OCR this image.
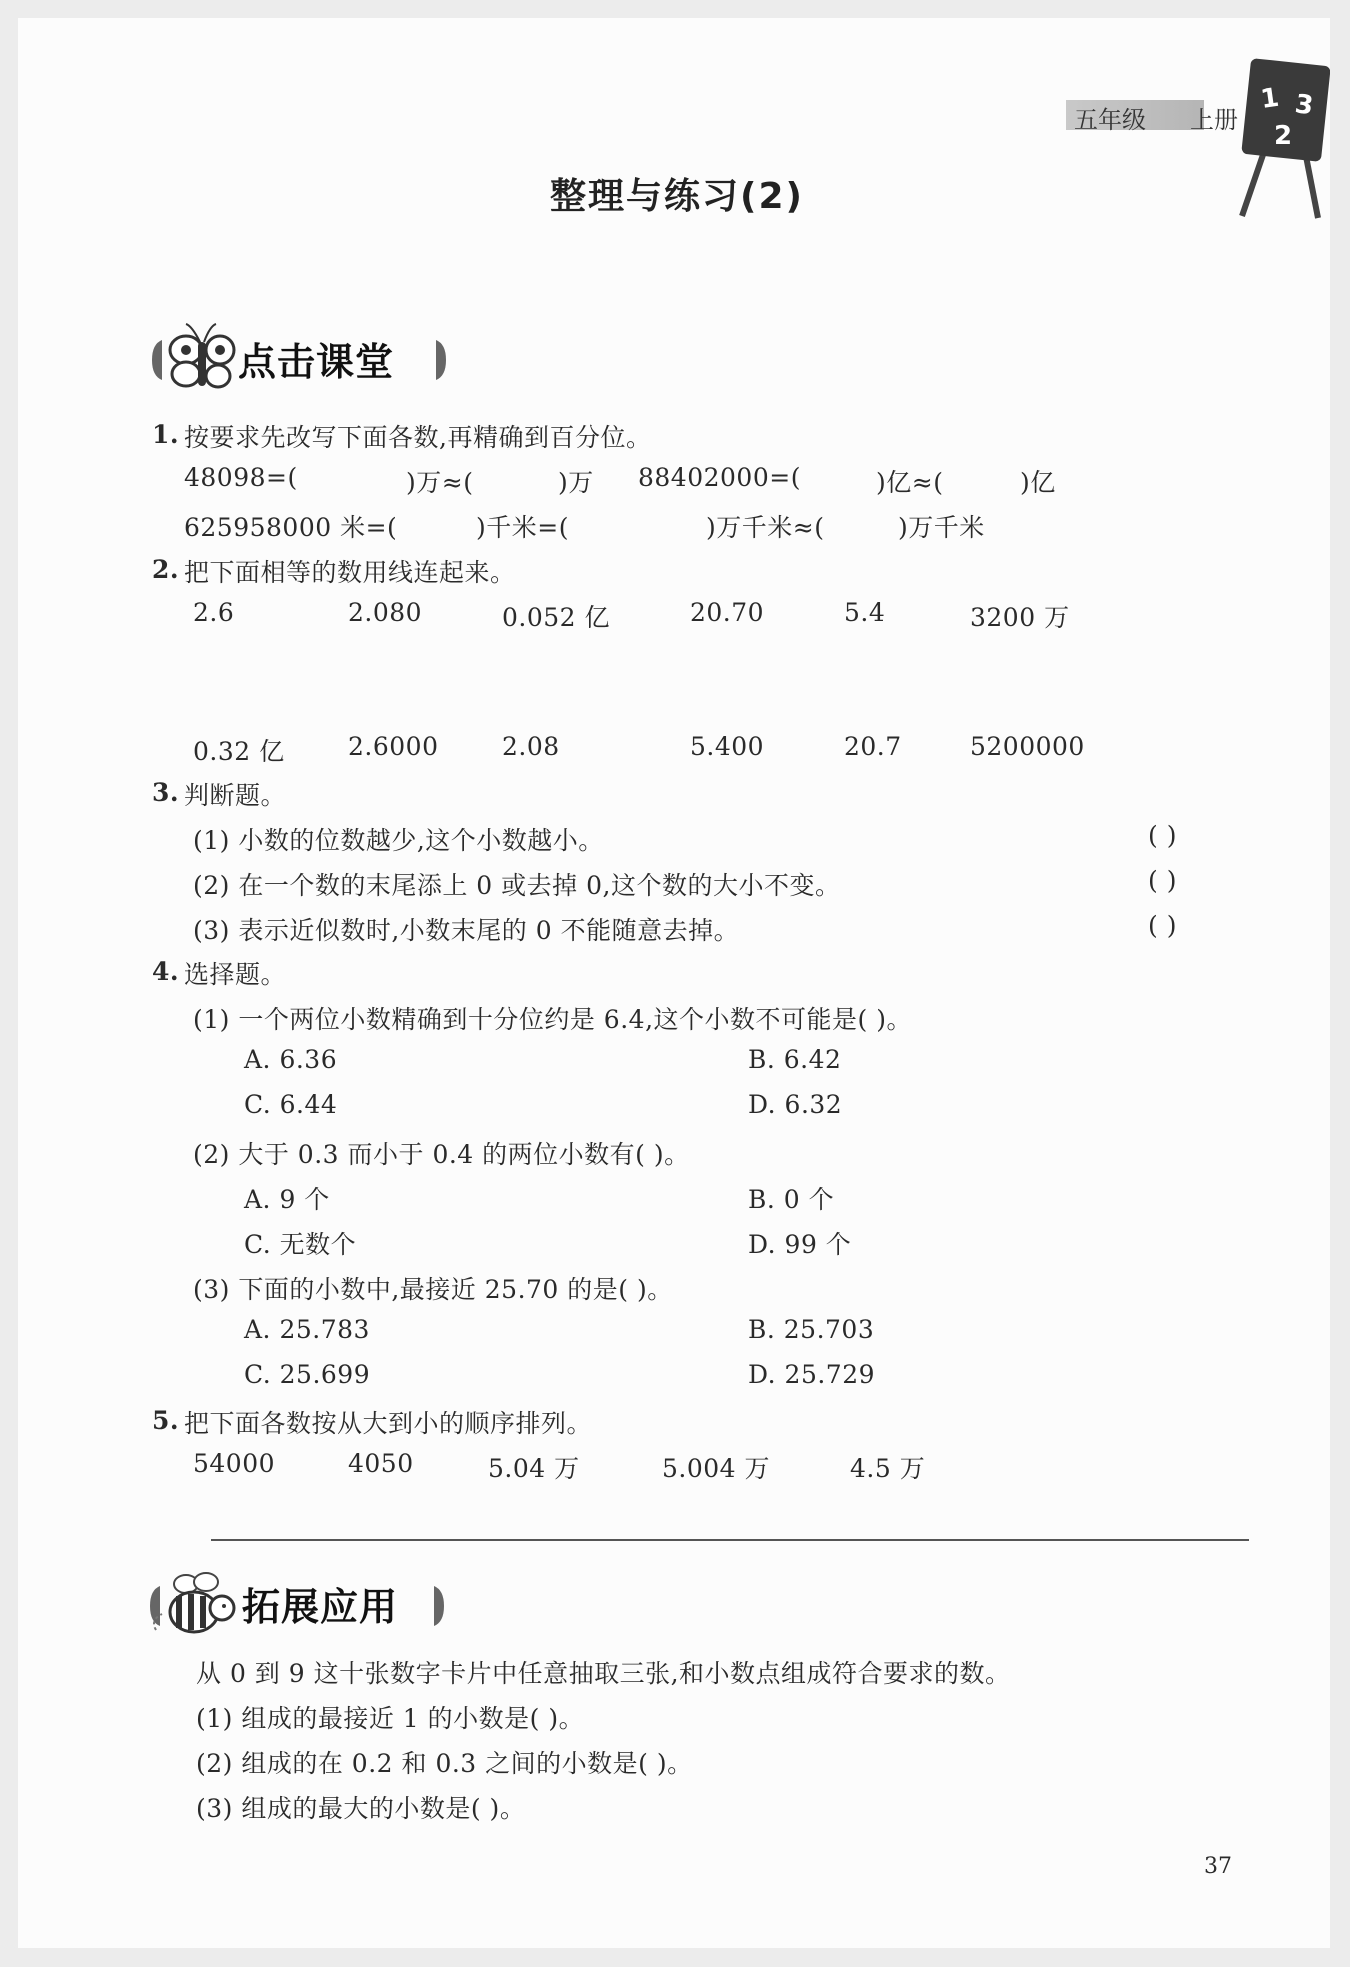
五年级 上册
1 3
2
整理与练习(2)
点击课堂
1. 按要求先改写下面各数,再精确到百分位。
48098=(	)万≈(	)万 88402000=(	)亿≈(	)亿
625958000 米=(	)千米=(	)万千米≈(	)万千米
2. 把下面相等的数用线连起来。
2.6	2.080	0.052 亿	20.70	5.4	3200 万
0.32 亿	2.6000	2.08	5.400	20.7	5200000
3. 判断题。
(1) 小数的位数越少,这个小数越小。	( )
(2) 在一个数的末尾添上 0 或去掉 0,这个数的大小不变。	( )
(3) 表示近似数时,小数末尾的 0 不能随意去掉。	( )
4. 选择题。
(1) 一个两位小数精确到十分位约是 6.4,这个小数不可能是( )。
A. 6.36	B. 6.42
C. 6.44	D. 6.32
(2) 大于 0.3 而小于 0.4 的两位小数有( )。
A. 9 个	B. 0 个
C. 无数个	D. 99 个
(3) 下面的小数中,最接近 25.70 的是( )。
A. 25.783	B. 25.703
C. 25.699	D. 25.729
5. 把下面各数按从大到小的顺序排列。
54000	4050	5.04 万	5.004 万	4.5 万
拓展应用
从 0 到 9 这十张数字卡片中任意抽取三张,和小数点组成符合要求的数。
(1) 组成的最接近 1 的小数是( )。
(2) 组成的在 0.2 和 0.3 之间的小数是( )。
(3) 组成的最大的小数是( )。
37
